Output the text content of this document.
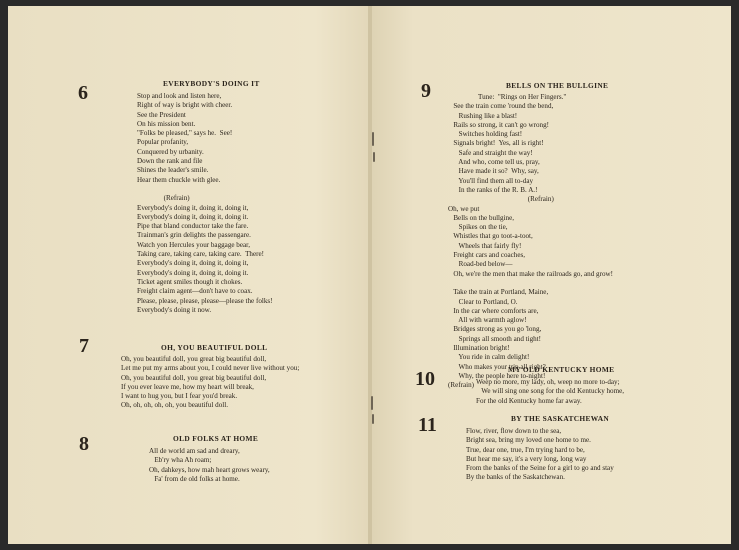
6	EVERYBODY'S DOING IT
Stop and look and listen here,
Right of way is bright with cheer.
See the President
On his mission bent.
"Folks be pleased," says he.  See!
Popular profanity,
Conquered by urbanity.
Down the rank and file
Shines the leader's smile.
Hear them chuckle with glee.

(Refrain)
Everybody's doing it, doing it, doing it,
Everybody's doing it, doing it, doing it.
Pipe that bland conductor take the fare.
Trainman's grin delights the passengare.
Watch yon Hercules your baggage bear,
Taking care, taking care, taking care.  There!
Everybody's doing it, doing it, doing it,
Everybody's doing it, doing it, doing it.
Ticket agent smiles though it chokes.
Freight claim agent—don't have to coax.
Please, please, please, please—please the folks!
Everybody's doing it now.
7	OH, YOU BEAUTIFUL DOLL
Oh, you beautiful doll, you great big beautiful doll,
Let me put my arms about you, I could never live without you;
Oh, you beautiful doll, you great big beautiful doll,
If you ever leave me, how my heart will break,
I want to hug you, but I fear you'd break.
Oh, oh, oh, oh, oh, you beautiful doll.
8	OLD FOLKS AT HOME
All de world am sad and dreary,
Eb'ry wha Ah roam;
Oh, dahkeys, how mah heart grows weary,
Fa' from de old folks at home.
9	BELLS ON THE BULLGINE
Tune:  "Rings on Her Fingers."
See the train come 'round the bend,
Rushing like a blast!
Rails so strong, it can't go wrong!
Switches holding fast!
Signals bright!  Yes, all is right!
Safe and straight the way!
And who, come tell us, pray,
Have made it so?  Why, say,
You'll find them all to-day
In the ranks of the R. B. A.!
(Refrain)
Oh, we put
Bells on the bullgine,
Spikes on the tie,
Whistles that go toot-a-toot,
Wheels that fairly fly!
Freight cars and coaches,
Road-bed below—
Oh, we're the men that make the railroads go, and grow!

Take the train at Portland, Maine,
Clear to Portland, O.
In the car where comforts are,
All with warmth aglow!
Bridges strong as you go 'long,
Springs all smooth and tight!
Illumination bright!
You ride in calm delight!
Who makes your trip all right?
Why, the people here to-night!
(Refrain)
10	MY OLD KENTUCKY HOME
Weep no more, my lady, oh, weep no more to-day;
We will sing one song for the old Kentucky home,
For the old Kentucky home far away.
11	BY THE SASKATCHEWAN
Flow, river, flow down to the sea,
Bright sea, bring my loved one home to me.
True, dear one, true, I'm trying hard to be,
But hear me say, it's a very long, long way
From the banks of the Seine for a girl to go and stay
By the banks of the Saskatchewan.
